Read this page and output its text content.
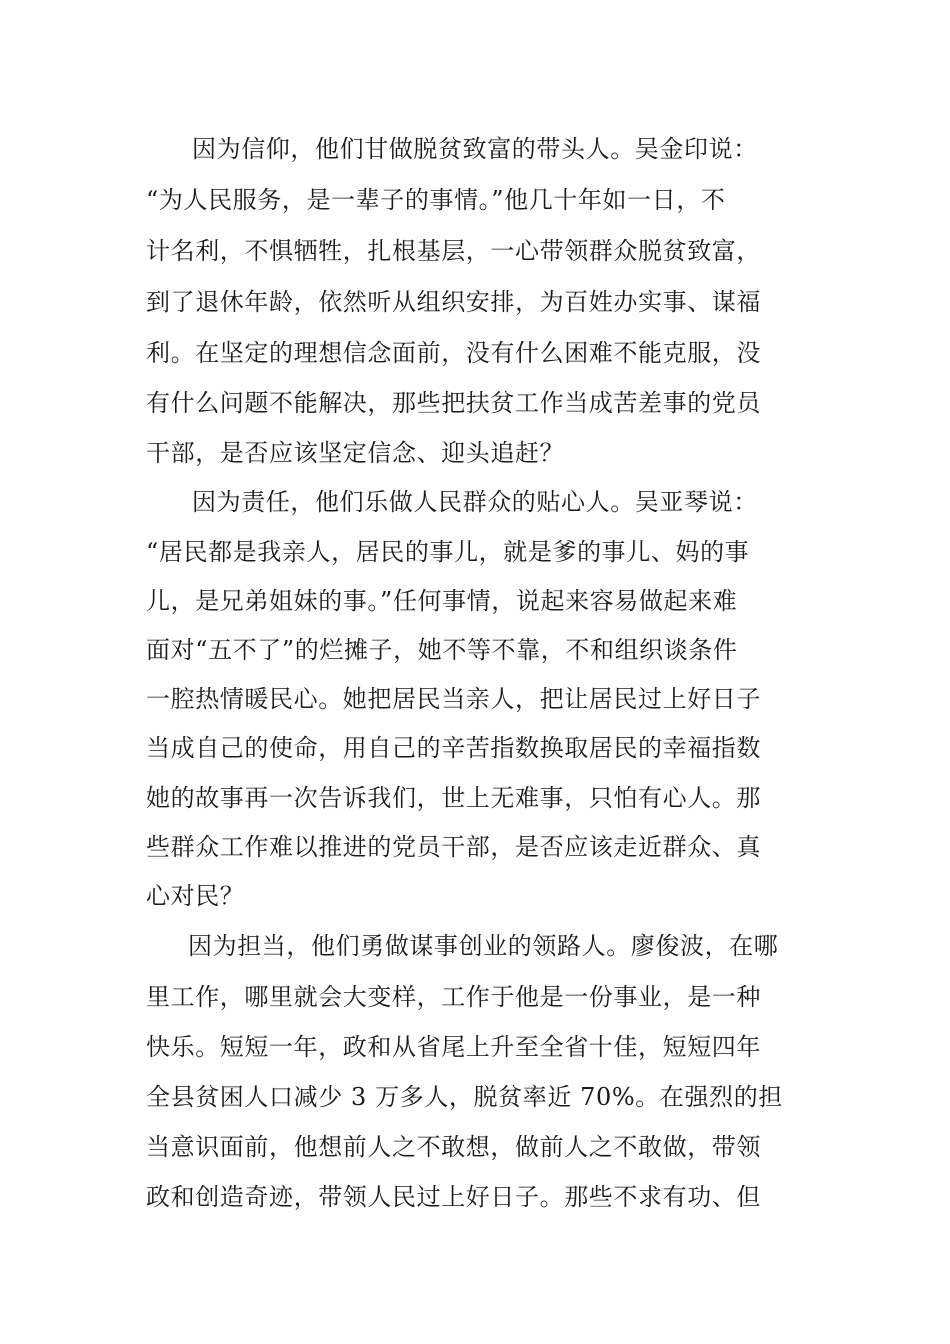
因为信仰，他们甘做脱贫致富的带头人。吴金印说：
“为人民服务，是一辈子的事情。”他几十年如一日，不
计名利，不惧牺牲，扎根基层，一心带领群众脱贫致富，
到了退休年龄，依然听从组织安排，为百姓办实事、谋福
利。在坚定的理想信念面前，没有什么困难不能克服，没
有什么问题不能解决，那些把扶贫工作当成苦差事的党员
干部，是否应该坚定信念、迎头追赶？
因为责任，他们乐做人民群众的贴心人。吴亚琴说：
“居民都是我亲人，居民的事儿，就是爹的事儿、妈的事
儿，是兄弟姐妹的事。”任何事情，说起来容易做起来难
面对“五不了”的烂摊子，她不等不靠，不和组织谈条件
一腔热情暖民心。她把居民当亲人，把让居民过上好日子
当成自己的使命，用自己的辛苦指数换取居民的幸福指数
她的故事再一次告诉我们，世上无难事，只怕有心人。那
些群众工作难以推进的党员干部，是否应该走近群众、真
心对民？
因为担当，他们勇做谋事创业的领路人。廖俊波，在哪
里工作，哪里就会大变样，工作于他是一份事业，是一种
快乐。短短一年，政和从省尾上升至全省十佳，短短四年
全县贫困人口减少 3 万多人，脱贫率近 70%。在强烈的担
当意识面前，他想前人之不敢想，做前人之不敢做，带领
政和创造奇迹，带领人民过上好日子。那些不求有功、但
